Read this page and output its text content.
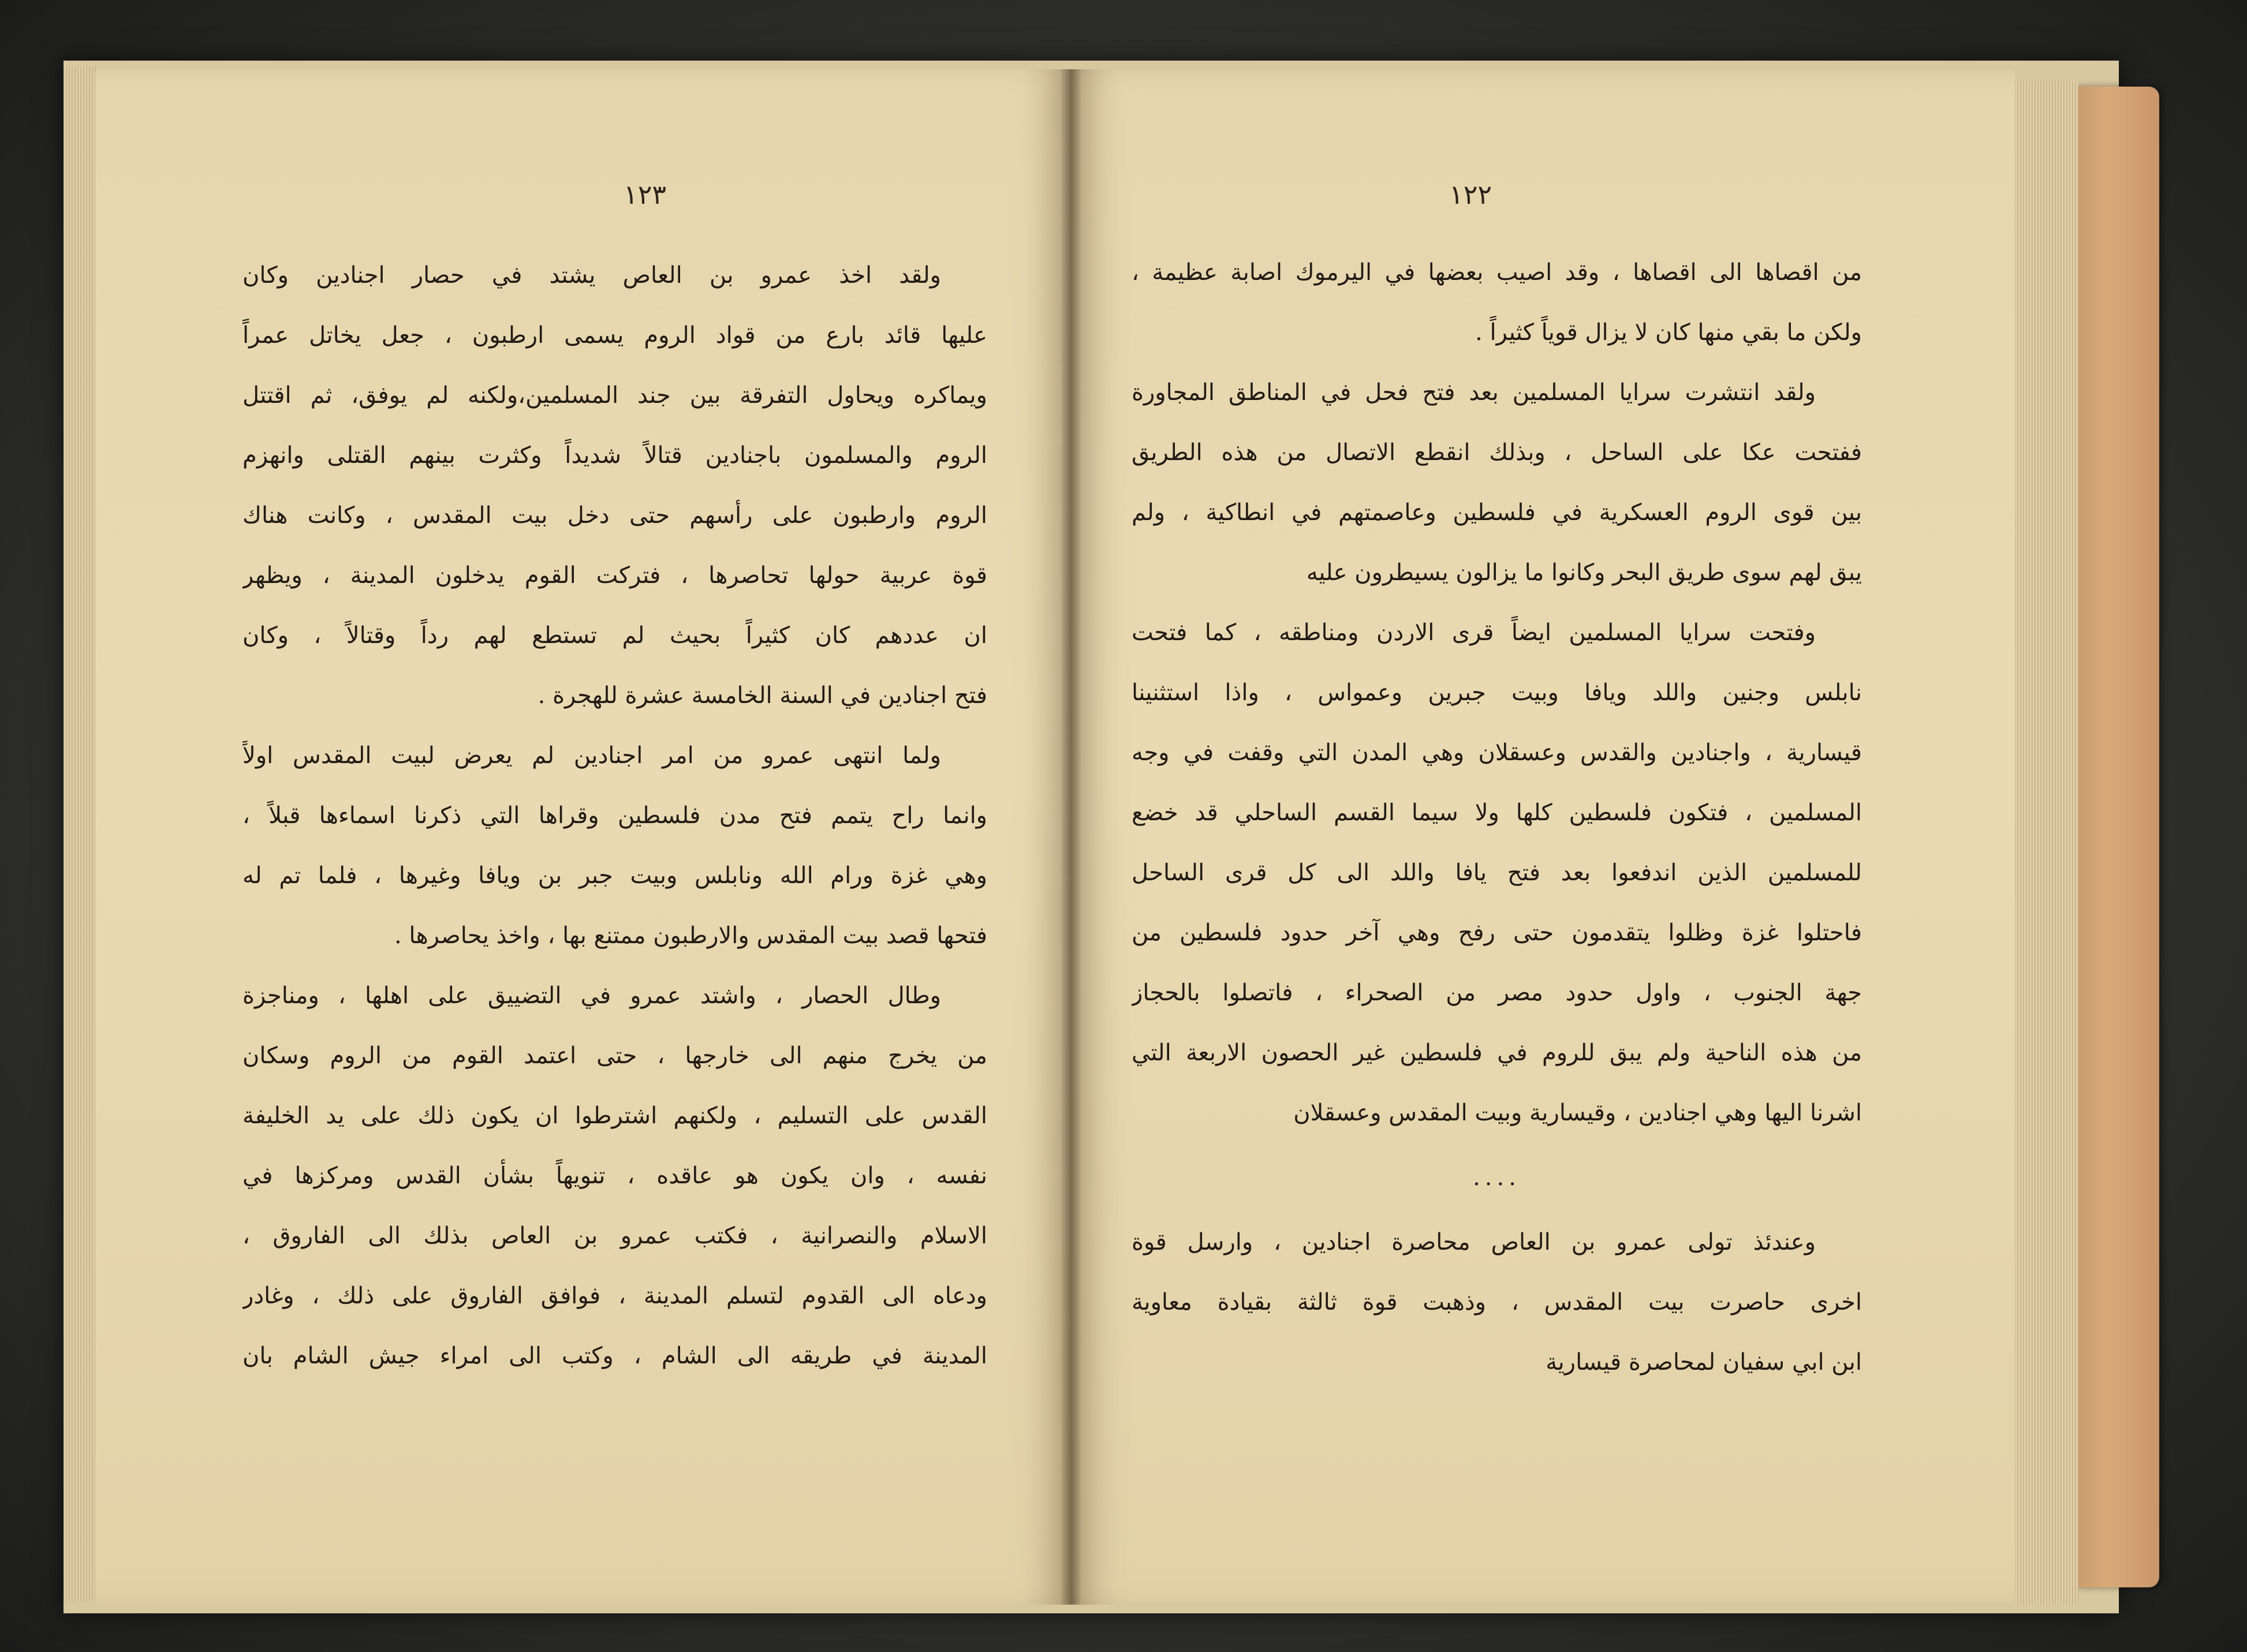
١٢٣
ولقد اخذ عمرو بن العاص يشتد في حصار اجنادين وكان
عليها قائد بارع من قواد الروم يسمى ارطبون ، جعل يخاتل عمراً
ويماكره ويحاول التفرقة بين جند المسلمين،ولكنه لم يوفق، ثم اقتتل
الروم والمسلمون باجنادين قتالاً شديداً وكثرت بينهم القتلى وانهزم
الروم وارطبون على رأسهم حتى دخل بيت المقدس ، وكانت هناك
قوة عربية حولها تحاصرها ، فتركت القوم يدخلون المدينة ، ويظهر
ان عددهم كان كثيراً بحيث لم تستطع لهم رداً وقتالاً ، وكان
فتح اجنادين في السنة الخامسة عشرة للهجرة .
ولما انتهى عمرو من امر اجنادين لم يعرض لبيت المقدس اولاً
وانما راح يتمم فتح مدن فلسطين وقراها التي ذكرنا اسماءها قبلاً ،
وهي غزة ورام الله ونابلس وبيت جبر بن ويافا وغيرها ، فلما تم له
فتحها قصد بيت المقدس والارطبون ممتنع بها ، واخذ يحاصرها .
وطال الحصار ، واشتد عمرو في التضييق على اهلها ، ومناجزة
من يخرج منهم الى خارجها ، حتى اعتمد القوم من الروم وسكان
القدس على التسليم ، ولكنهم اشترطوا ان يكون ذلك على يد الخليفة
نفسه ، وان يكون هو عاقده ، تنويهاً بشأن القدس ومركزها في
الاسلام والنصرانية ، فكتب عمرو بن العاص بذلك الى الفاروق ،
ودعاه الى القدوم لتسلم المدينة ، فوافق الفاروق على ذلك ، وغادر
المدينة في طريقه الى الشام ، وكتب الى امراء جيش الشام بان
١٢٢
من اقصاها الى اقصاها ، وقد اصيب بعضها في اليرموك اصابة عظيمة ،
ولكن ما بقي منها كان لا يزال قوياً كثيراً .
ولقد انتشرت سرايا المسلمين بعد فتح فحل في المناطق المجاورة
ففتحت عكا على الساحل ، وبذلك انقطع الاتصال من هذه الطريق
بين قوى الروم العسكرية في فلسطين وعاصمتهم في انطاكية ، ولم
يبق لهم سوى طريق البحر وكانوا ما يزالون يسيطرون عليه
وفتحت سرايا المسلمين ايضاً قرى الاردن ومناطقه ، كما فتحت
نابلس وجنين واللد ويافا وبيت جبرين وعمواس ، واذا استثنينا
قيسارية ، واجنادين والقدس وعسقلان وهي المدن التي وقفت في وجه
المسلمين ، فتكون فلسطين كلها ولا سيما القسم الساحلي قد خضع
للمسلمين الذين اندفعوا بعد فتح يافا واللد الى كل قرى الساحل
فاحتلوا غزة وظلوا يتقدمون حتى رفح وهي آخر حدود فلسطين من
جهة الجنوب ، واول حدود مصر من الصحراء ، فاتصلوا بالحجاز
من هذه الناحية ولم يبق للروم في فلسطين غير الحصون الاربعة التي
اشرنا اليها وهي اجنادين ، وقيسارية وبيت المقدس وعسقلان
....
وعندئذ تولى عمرو بن العاص محاصرة اجنادين ، وارسل قوة
اخرى حاصرت بيت المقدس ، وذهبت قوة ثالثة بقيادة معاوية
ابن ابي سفيان لمحاصرة قيسارية
